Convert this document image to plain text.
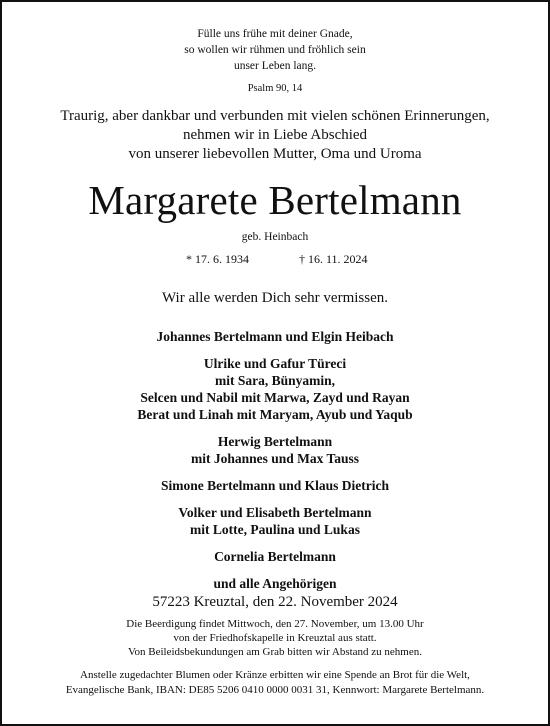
Fülle uns frühe mit deiner Gnade,
so wollen wir rühmen und fröhlich sein
unser Leben lang.
Psalm 90, 14
Traurig, aber dankbar und verbunden mit vielen schönen Erinnerungen,
nehmen wir in Liebe Abschied
von unserer liebevollen Mutter, Oma und Uroma
Margarete Bertelmann
geb. Heinbach
* 17. 6. 1934	† 16. 11. 2024
Wir alle werden Dich sehr vermissen.
Johannes Bertelmann und Elgin Heibach
Ulrike und Gafur Türeci
mit Sara, Bünyamin,
Selcen und Nabil mit Marwa, Zayd und Rayan
Berat und Linah mit Maryam, Ayub und Yaqub
Herwig Bertelmann
mit Johannes und Max Tauss
Simone Bertelmann und Klaus Dietrich
Volker und Elisabeth Bertelmann
mit Lotte, Paulina und Lukas
Cornelia Bertelmann
und alle Angehörigen
57223 Kreuztal, den 22. November 2024
Die Beerdigung findet Mittwoch, den 27. November, um 13.00 Uhr
von der Friedhofskapelle in Kreuztal aus statt.
Von Beileidsbekundungen am Grab bitten wir Abstand zu nehmen.
Anstelle zugedachter Blumen oder Kränze erbitten wir eine Spende an Brot für die Welt,
Evangelische Bank, IBAN: DE85 5206 0410 0000 0031 31, Kennwort: Margarete Bertelmann.
